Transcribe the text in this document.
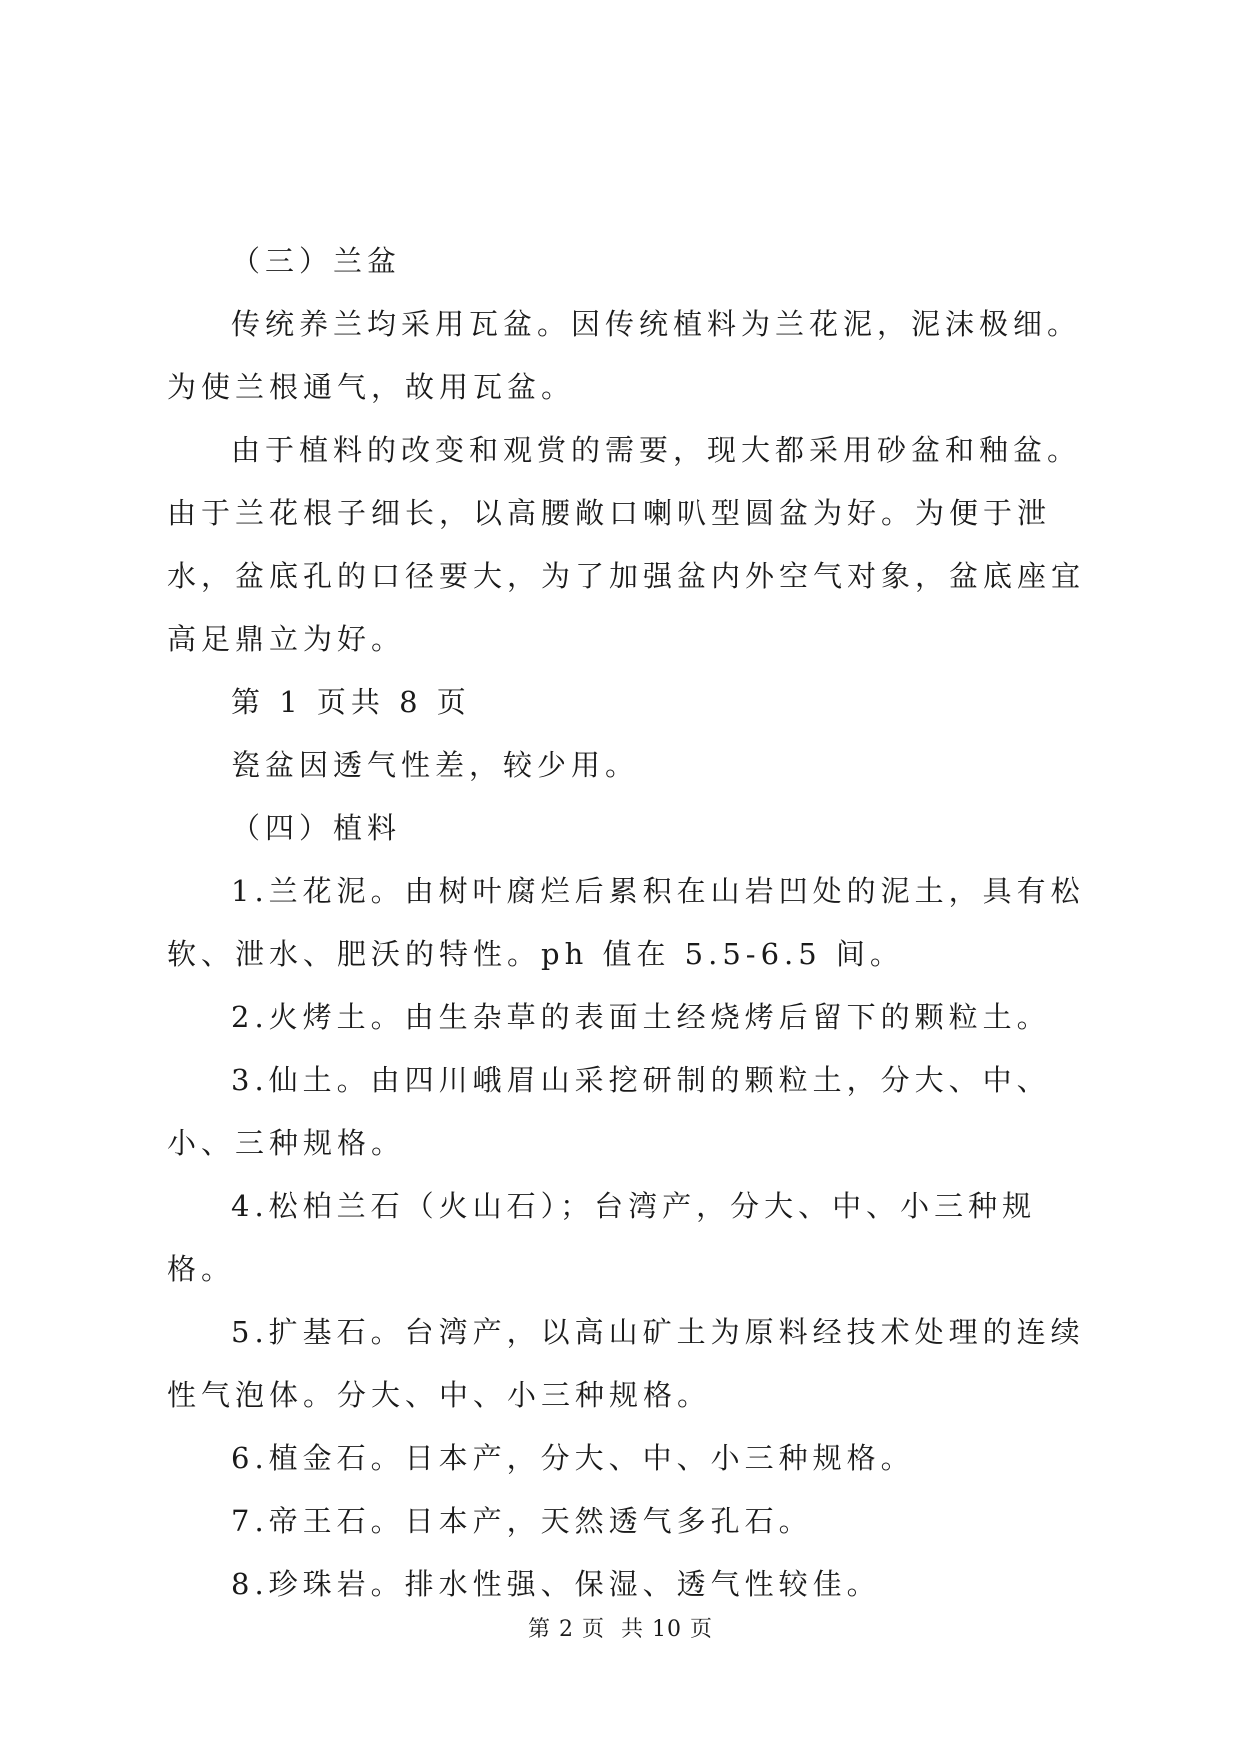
（三）兰盆

传统养兰均采用瓦盆。因传统植料为兰花泥，泥沫极细。为使兰根通气，故用瓦盆。

由于植料的改变和观赏的需要，现大都采用砂盆和釉盆。由于兰花根子细长，以高腰敞口喇叭型圆盆为好。为便于泄水，盆底孔的口径要大，为了加强盆内外空气对象，盆底座宜高足鼎立为好。

第 1 页共 8 页

瓷盆因透气性差，较少用。

（四）植料

1.兰花泥。由树叶腐烂后累积在山岩凹处的泥土，具有松软、泄水、肥沃的特性。ph 值在 5.5-6.5 间。

2.火烤土。由生杂草的表面土经烧烤后留下的颗粒土。

3.仙土。由四川峨眉山采挖研制的颗粒土，分大、中、小、三种规格。

4.松柏兰石（火山石）；台湾产，分大、中、小三种规格。

5.扩基石。台湾产，以高山矿土为原料经技术处理的连续性气泡体。分大、中、小三种规格。

6.植金石。日本产，分大、中、小三种规格。

7.帝王石。日本产，天然透气多孔石。

8.珍珠岩。排水性强、保湿、透气性较佳。

第 2 页  共 10 页
